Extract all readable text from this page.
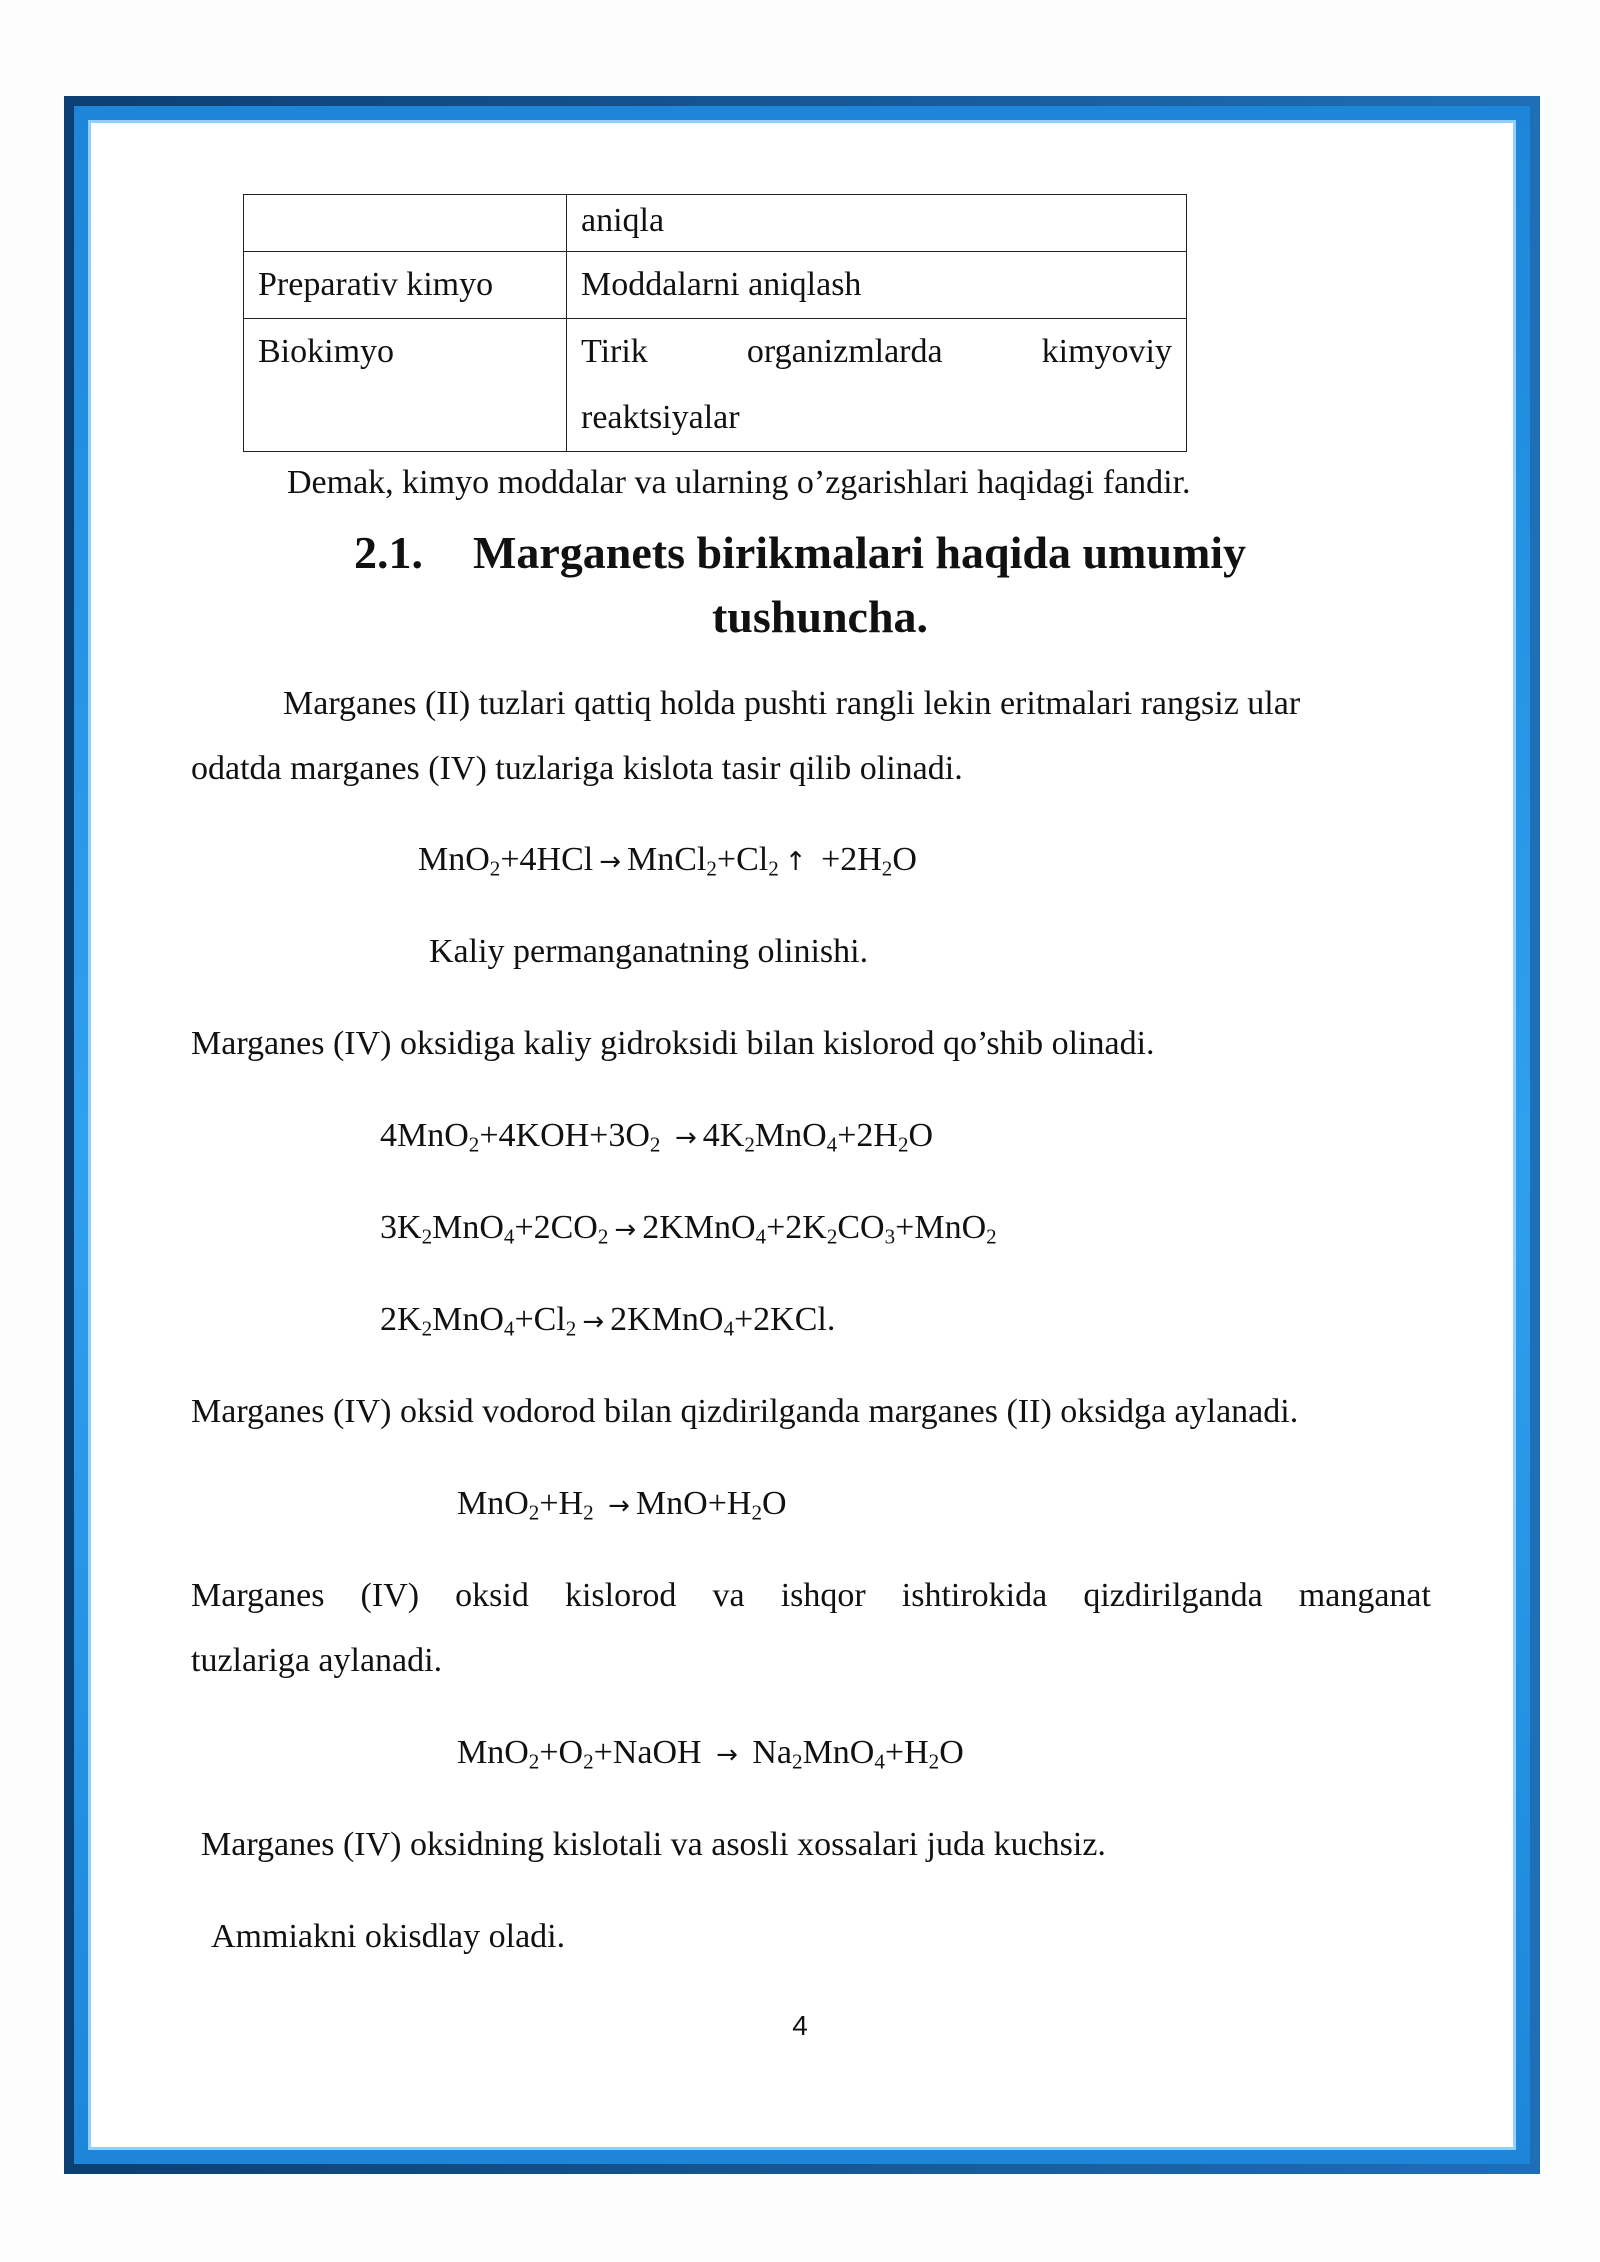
	aniqla

Preparativ kimyo	Moddalarni aniqlash

Biokimyo	Tirik organizmlarda kimyoviy
reaktsiyalar
Demak, kimyo moddalar va ularning o’zgarishlari haqidagi fandir.
2.1. Marganets birikmalari haqida umumiy
tushuncha.
Marganes (II) tuzlari qattiq holda pushti rangli lekin eritmalari rangsiz ular
odatda marganes (IV) tuzlariga kislota tasir qilib olinadi.
$MnO_2+4HCl \to MnCl_2+Cl_2$ ↑ $+2H_2O$
Kaliy permanganatning olinishi.
Marganes (IV) oksidiga kaliy gidroksidi bilan kislorod qo’shib olinadi.
$4MnO_2+4KOH+3O_2 \to 4K_2MnO_4+2H_2O$
$3K_2MnO_4+2CO_2$ → $2KMnO_4+2K_2CO_3+MnO_2$
$2K_2MnO_4+Cl_2$ → 2KMnO$_4$+2KCl.
Marganes (IV) oksid vodorod bilan qizdirilganda marganes (II) oksidga aylanadi.
$MnO_2+H_2 \to MnO+H_2O$
Marganes (IV) oksid kislorod va ishqor ishtirokida qizdirilganda manganat
tuzlariga aylanadi.
$MnO_2+O_2+NaOH \to Na_2MnO_4+H_2O$
Marganes (IV) oksidning kislotali va asosli xossalari juda kuchsiz.
Ammiakni okisdlay oladi.
4
